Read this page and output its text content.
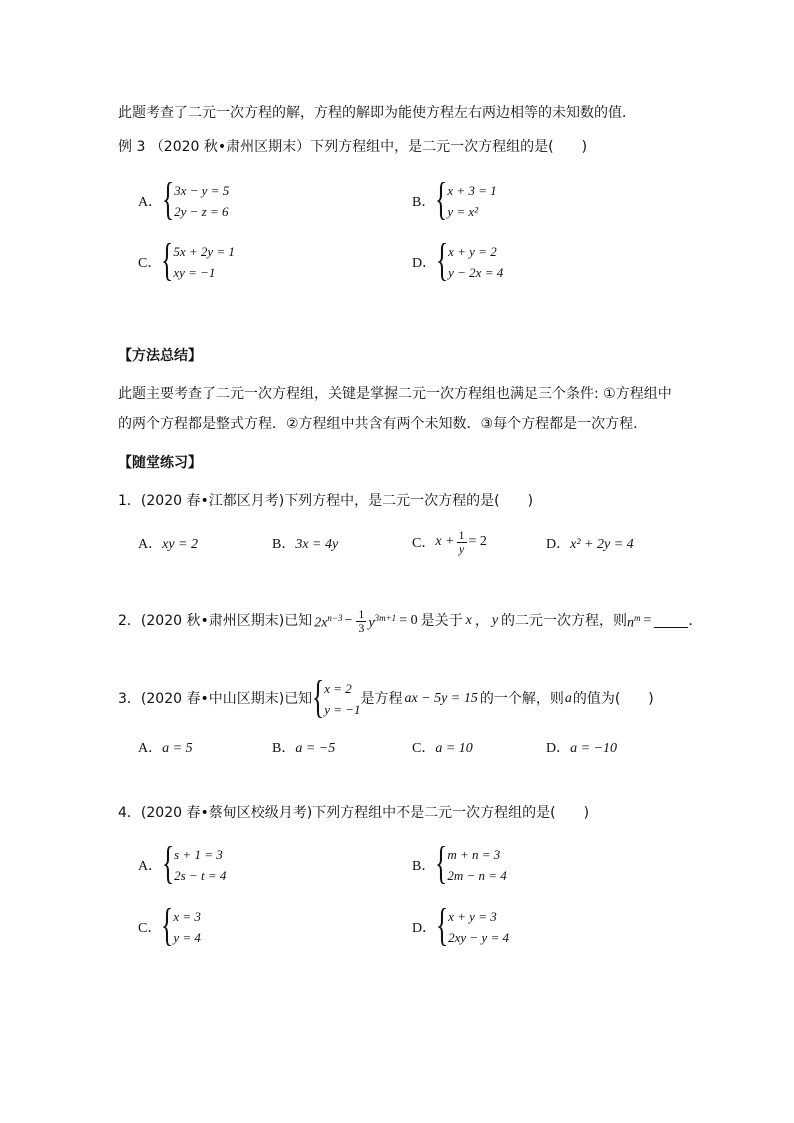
此题考查了二元一次方程的解，方程的解即为能使方程左右两边相等的未知数的值．
例 3 （2020 秋•肃州区期末）下列方程组中，是二元一次方程组的是(　　)
A． { 3x − y = 5
2y − z = 6
B． { x + 3 = 1
y = x²
C． { 5x + 2y = 1
xy = −1
D． { x + y = 2
y − 2x = 4
【方法总结】
此题主要考查了二元一次方程组，关键是掌握二元一次方程组也满足三个条件: ①方程组中
的两个方程都是整式方程．②方程组中共含有两个未知数．③每个方程都是一次方程．
【随堂练习】
1．(2020 春•江都区月考)下列方程中，是二元一次方程的是(　　)
A．xy = 2	B．3x = 4y	C． $x + \frac{1}{y} = 2$	D．x² + 2y = 4
2． (2020 秋•肃州区期末) 已知 $2x^{n-3} - \frac{1}{3} y^{3m+1} = 0$ 是关于 x ， y 的二元一次方程，则 $n^m$ =	．
3． (2020 春•中山区期末) 已知 { x = 2
y = −1
是方程 ax − 5y = 15 的一个解，则 a 的值为(　　)
A．a = 5	B．a = −5	C．a = 10	D．a = −10
4．(2020 春•蔡甸区校级月考)下列方程组中不是二元一次方程组的是(　　)
A． { s + 1 = 3
2s − t = 4
B． { m + n = 3
2m − n = 4
C． { x = 3
y = 4
D． { x + y = 3
2xy − y = 4
